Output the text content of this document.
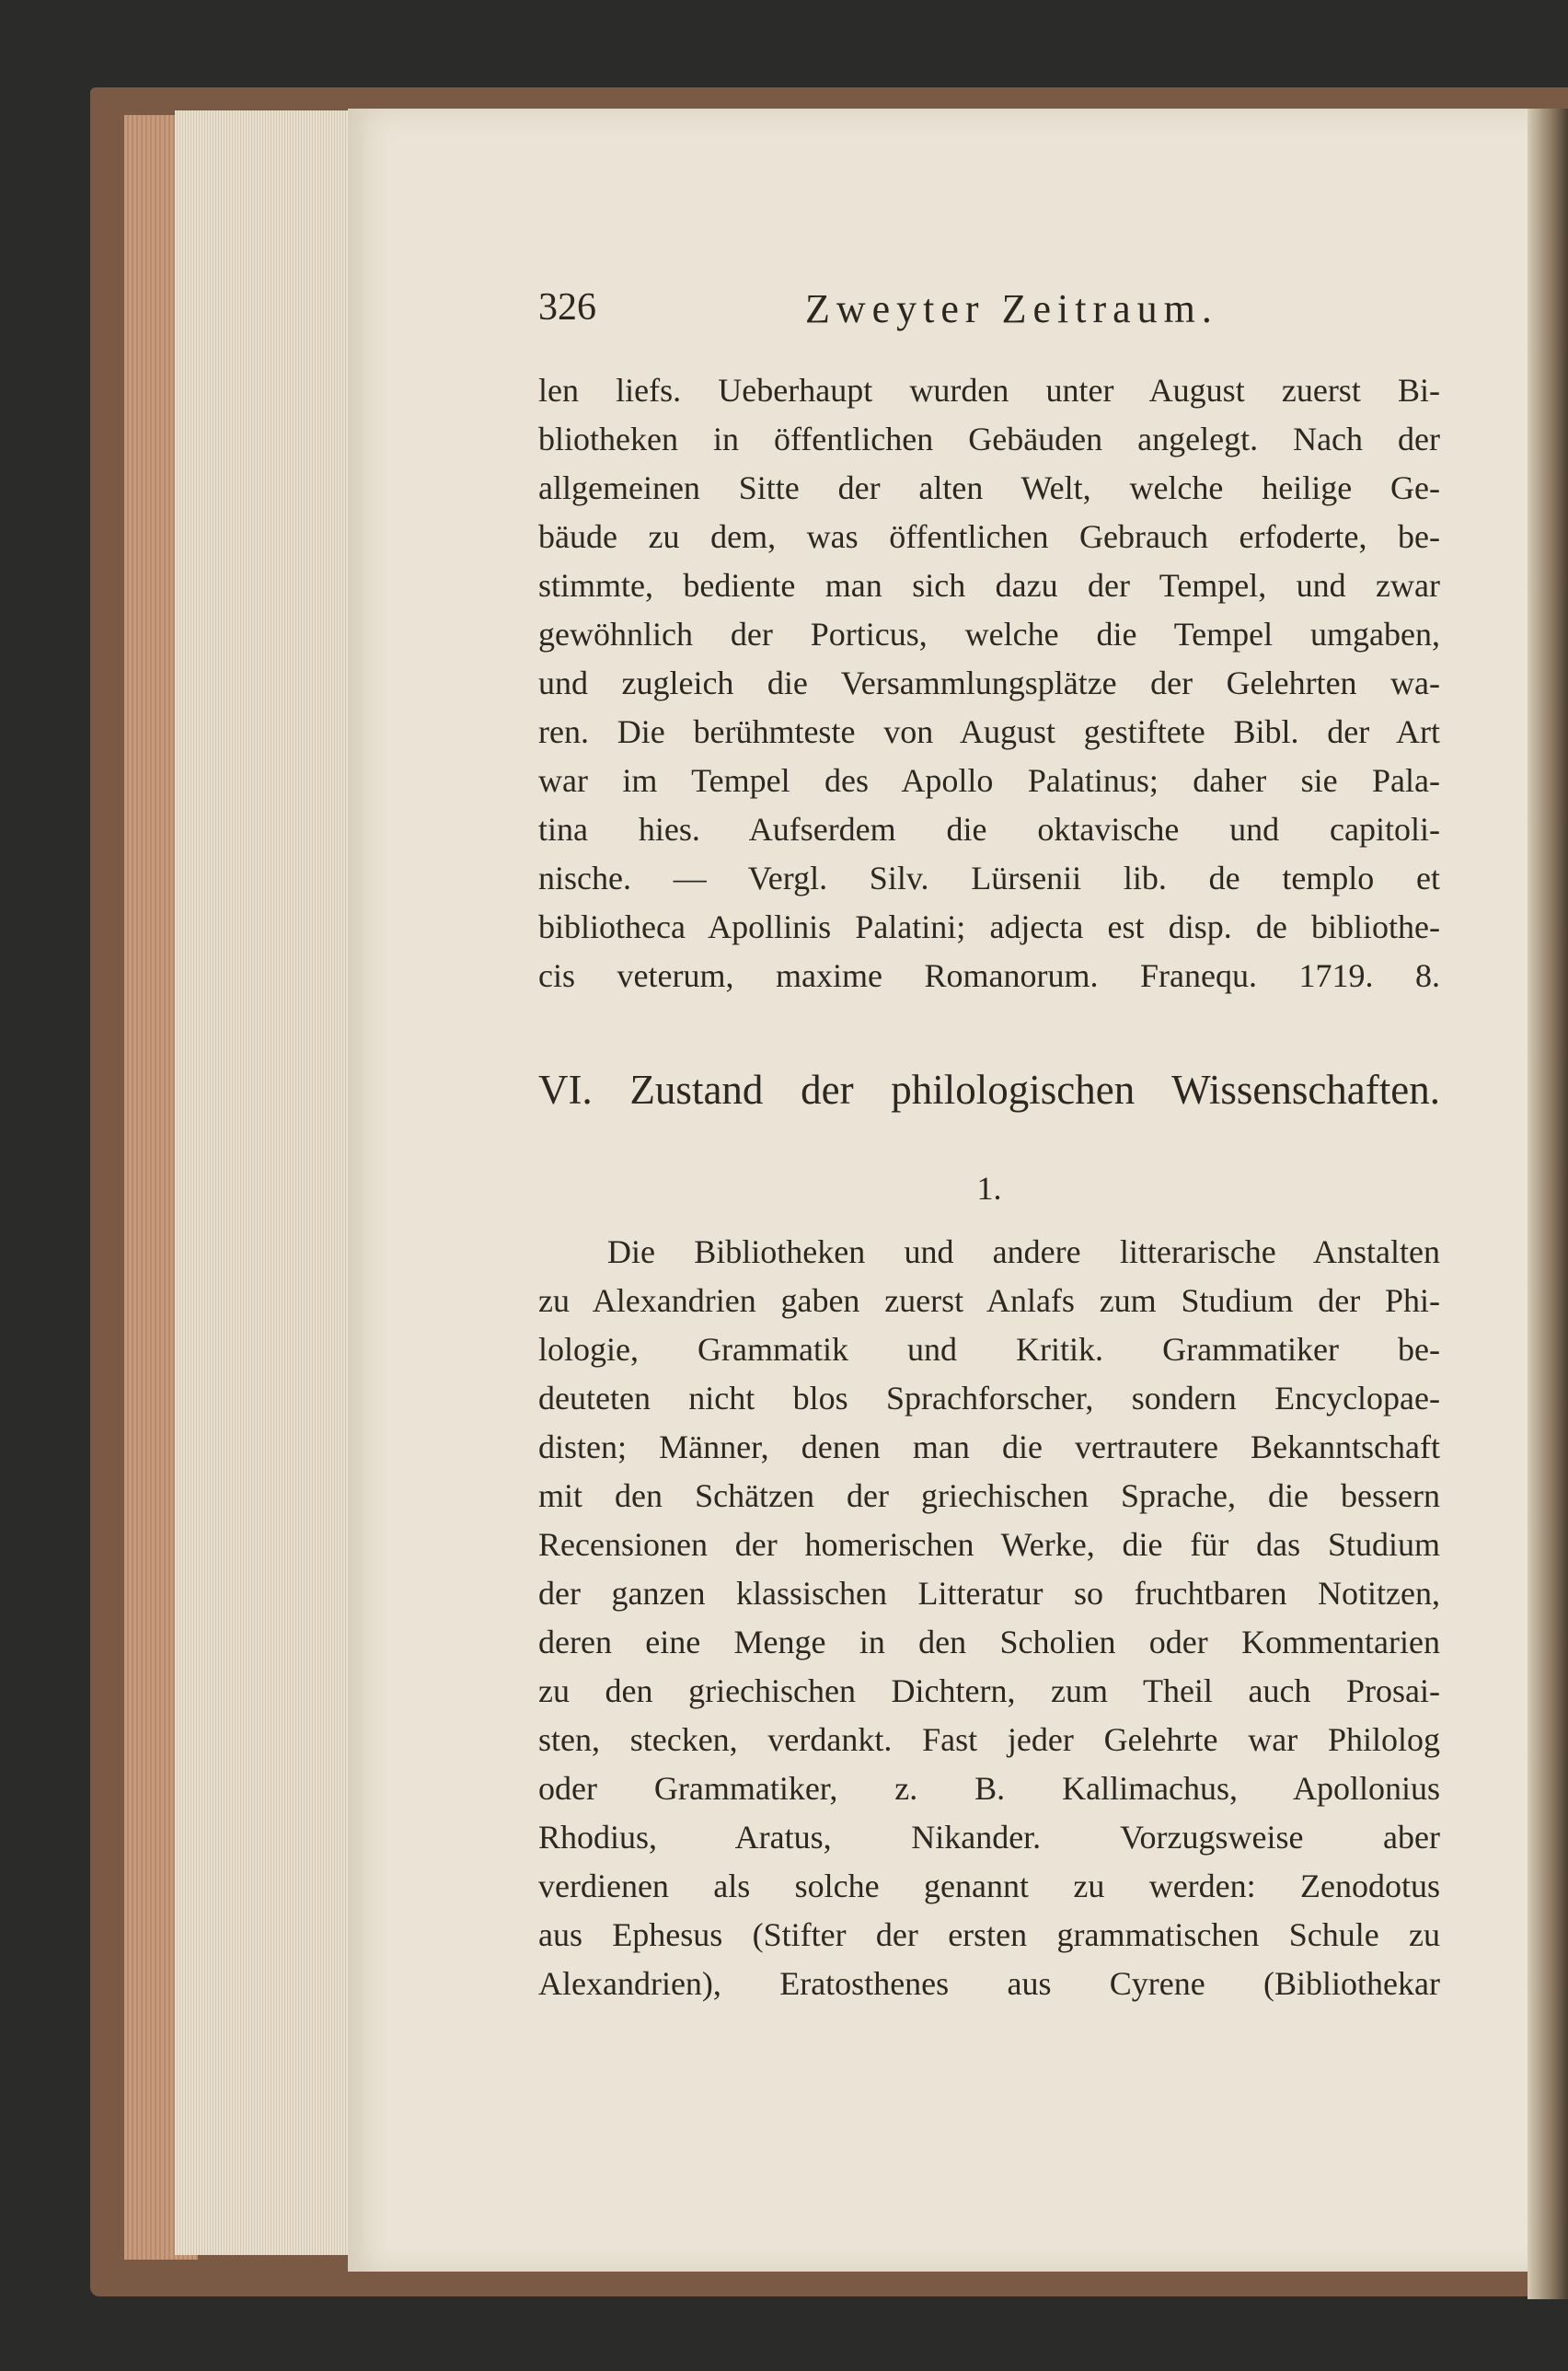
326	Zweyter Zeitraum.
len liefs. Ueberhaupt wurden unter August zuerst Bi-
bliotheken in öffentlichen Gebäuden angelegt. Nach der
allgemeinen Sitte der alten Welt, welche heilige Ge-
bäude zu dem, was öffentlichen Gebrauch erfoderte, be-
stimmte, bediente man sich dazu der Tempel, und zwar
gewöhnlich der Porticus, welche die Tempel umgaben,
und zugleich die Versammlungsplätze der Gelehrten wa-
ren. Die berühmteste von August gestiftete Bibl. der Art
war im Tempel des Apollo Palatinus; daher sie Pala-
tina hies. Aufserdem die oktavische und capitoli-
nische. — Vergl. Silv. Lürsenii lib. de templo et
bibliotheca Apollinis Palatini; adjecta est disp. de bibliothe-
cis veterum, maxime Romanorum. Franequ. 1719. 8.
VI. Zustand der philologischen Wissenschaften.
1.
Die Bibliotheken und andere litterarische Anstalten
zu Alexandrien gaben zuerst Anlafs zum Studium der Phi-
lologie, Grammatik und Kritik. Grammatiker be-
deuteten nicht blos Sprachforscher, sondern Encyclopae-
disten; Männer, denen man die vertrautere Bekanntschaft
mit den Schätzen der griechischen Sprache, die bessern
Recensionen der homerischen Werke, die für das Studium
der ganzen klassischen Litteratur so fruchtbaren Notitzen,
deren eine Menge in den Scholien oder Kommentarien
zu den griechischen Dichtern, zum Theil auch Prosai-
sten, stecken, verdankt. Fast jeder Gelehrte war Philolog
oder Grammatiker, z. B. Kallimachus, Apollonius
Rhodius, Aratus, Nikander. Vorzugsweise aber
verdienen als solche genannt zu werden: Zenodotus
aus Ephesus (Stifter der ersten grammatischen Schule zu
Alexandrien), Eratosthenes aus Cyrene (Bibliothekar
